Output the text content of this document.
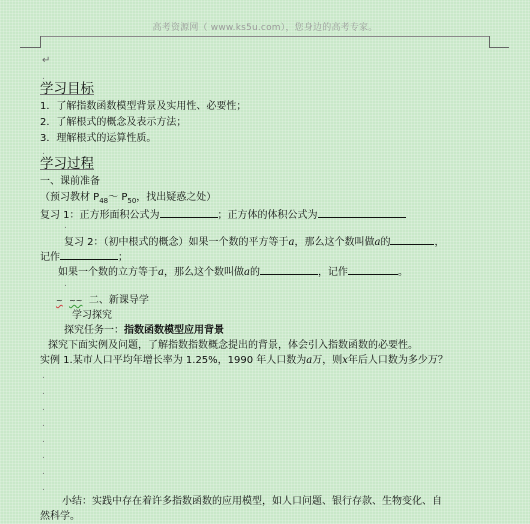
高考资源网（ www.ks5u.com），您身边的高考专家。
↵
.
学习目标
1．了解指数函数模型背景及实用性、必要性；
2．了解根式的概念及表示方法；
3．理解根式的运算性质。
.
学习过程
一、课前准备
（预习教材 $P_{48}\sim$ $P_{50}$，找出疑惑之处）
复习 1：正方形面积公式为	；正方体的体积公式为
.
复习 2：（初中根式的概念）如果一个数的平方等于a，那么这个数叫做a的	，
记作	；
如果一个数的立方等于a，那么这个数叫做a的	，记作	。
.
~ ~~ 二、新课导学
学习探究
探究任务一：指数函数模型应用背景
探究下面实例及问题，了解指数指数概念提出的背景，体会引入指数函数的必要性。
实例 1.某市人口平均年增长率为 1.25%，1990 年人口数为a万，则x年后人口数为多少万？
.
.
.
.
.
.
.
.
小结：实践中存在着许多指数函数的应用模型，如人口问题、银行存款、生物变化、自
然科学。
